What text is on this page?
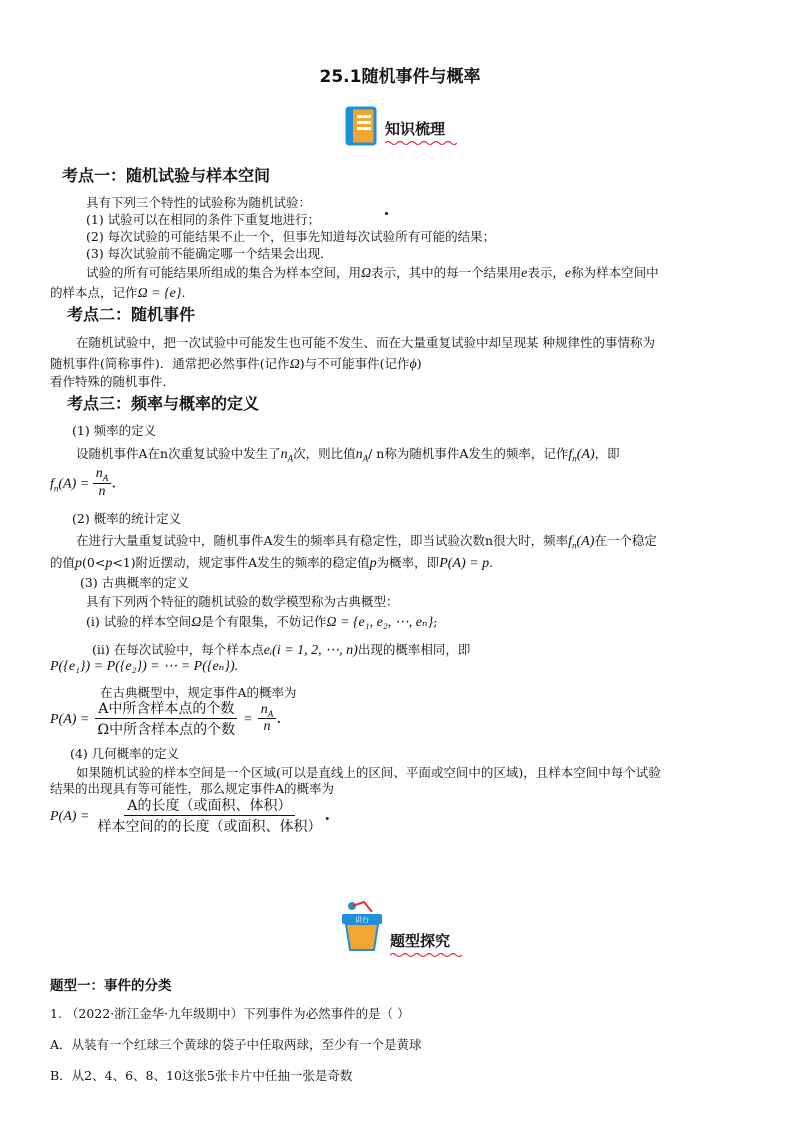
25.1随机事件与概率
知识梳理
考点一：随机试验与样本空间
具有下列三个特性的试验称为随机试验：
(1) 试验可以在相同的条件下重复地进行；
(2) 每次试验的可能结果不止一个，但事先知道每次试验所有可能的结果；
(3) 每次试验前不能确定哪一个结果会出现．
试验的所有可能结果所组成的集合为样本空间，用Ω表示，其中的每一个结果用e表示，e称为样本空间中
的样本点，记作Ω = {e}.
考点二：随机事件
在随机试验中，把一次试验中可能发生也可能不发生、而在大量重复试验中却呈现某 种规律性的事情称为
随机事件(简称事件)．通常把必然事件(记作Ω)与不可能事件(记作ϕ)
看作特殊的随机事件．
考点三：频率与概率的定义
(1) 频率的定义
设随机事件A在n次重复试验中发生了$n_A$次，则比值$n_A/$ n称为随机事件A发生的频率，记作$f_n(A)$，即
$f_n(A) = \frac{n_A}{n}$ .
(2) 概率的统计定义
在进行大量重复试验中，随机事件A发生的频率具有稳定性，即当试验次数n很大时，频率$f_n(A)$在一个稳定
的值p(0<p<1)附近摆动，规定事件A发生的频率的稳定值p为概率，即P(A) = p.
(3) 古典概率的定义
具有下列两个特征的随机试验的数学模型称为古典概型：
(i) 试验的样本空间Ω是个有限集，不妨记作Ω = {e₁, e₂, ⋯, eₙ};
(ii) 在每次试验中，每个样本点eᵢ(i = 1, 2, ⋯, n)出现的概率相同，即
P({e₁}) = P({e₂}) = ⋯ = P({eₙ}).
在古典概型中，规定事件A的概率为
$P(A) = \frac{\text{A中所含样本点的个数}}{\text{Ω中所含样本点的个数}} = \frac{n_A}{n}$ .
(4) 几何概率的定义
如果随机试验的样本空间是一个区域(可以是直线上的区间、平面或空间中的区域)，且样本空间中每个试验
结果的出现具有等可能性，那么规定事件A的概率为
$P(A) = \frac{\text{A的长度（或面积、体积）}}{\text{样本空间的的长度（或面积、体积）}}$ .
讲台
题型探究
题型一：事件的分类
1. （2022·浙江金华·九年级期中）下列事件为必然事件的是（ ）
A．从装有一个红球三个黄球的袋子中任取两球，至少有一个是黄球
B．从2、4、6、8、10这张5张卡片中任抽一张是奇数
